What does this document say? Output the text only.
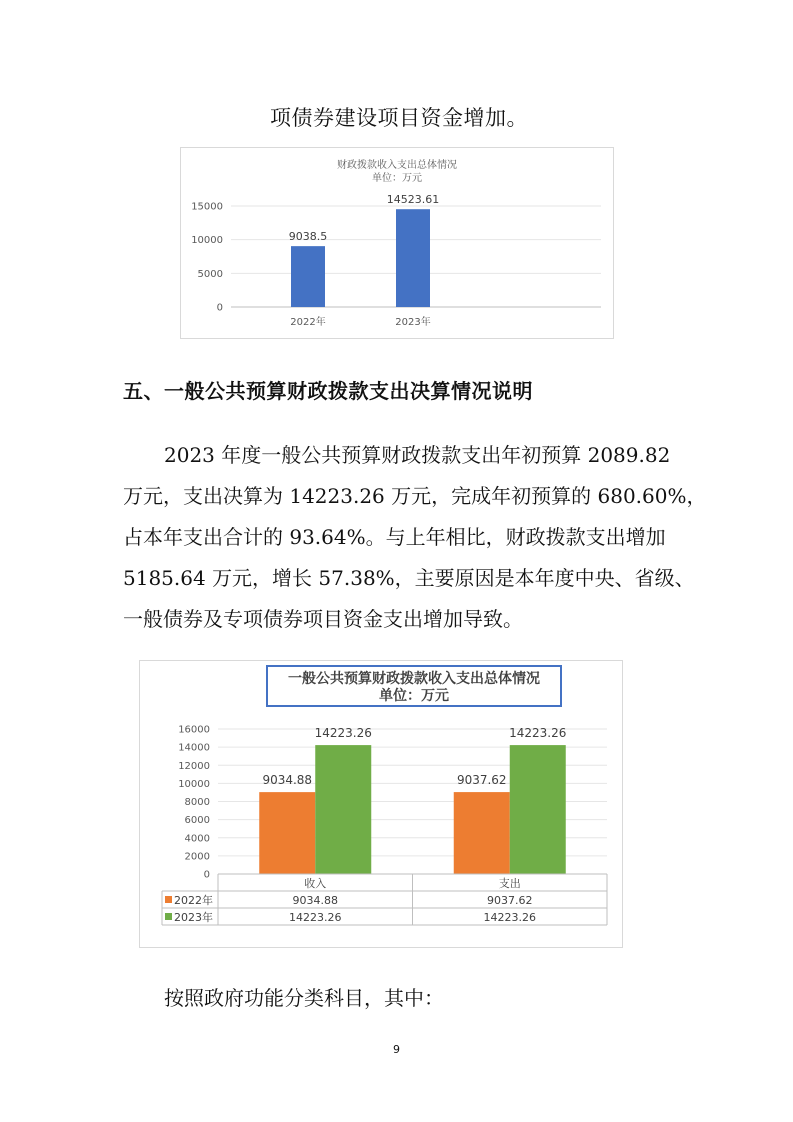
项债券建设项目资金增加。
财政拨款收入支出总体情况
单位：万元
0
5000
10000
15000
9038.5
2022年
14523.61
2023年
五、一般公共预算财政拨款支出决算情况说明
2023 年度一般公共预算财政拨款支出年初预算 2089.82
万元，支出决算为 14223.26 万元，完成年初预算的 680.60%，
占本年支出合计的 93.64%。与上年相比，财政拨款支出增加
5185.64 万元，增长 57.38%，主要原因是本年度中央、省级、
一般债券及专项债券项目资金支出增加导致。
一般公共预算财政拨款收入支出总体情况
单位：万元
0
2000
4000
6000
8000
10000
12000
14000
16000
9034.88
14223.26
9037.62
14223.26
收入
9034.88
14223.26
支出
9037.62
14223.26
2022年
2023年
按照政府功能分类科目，其中：
9
